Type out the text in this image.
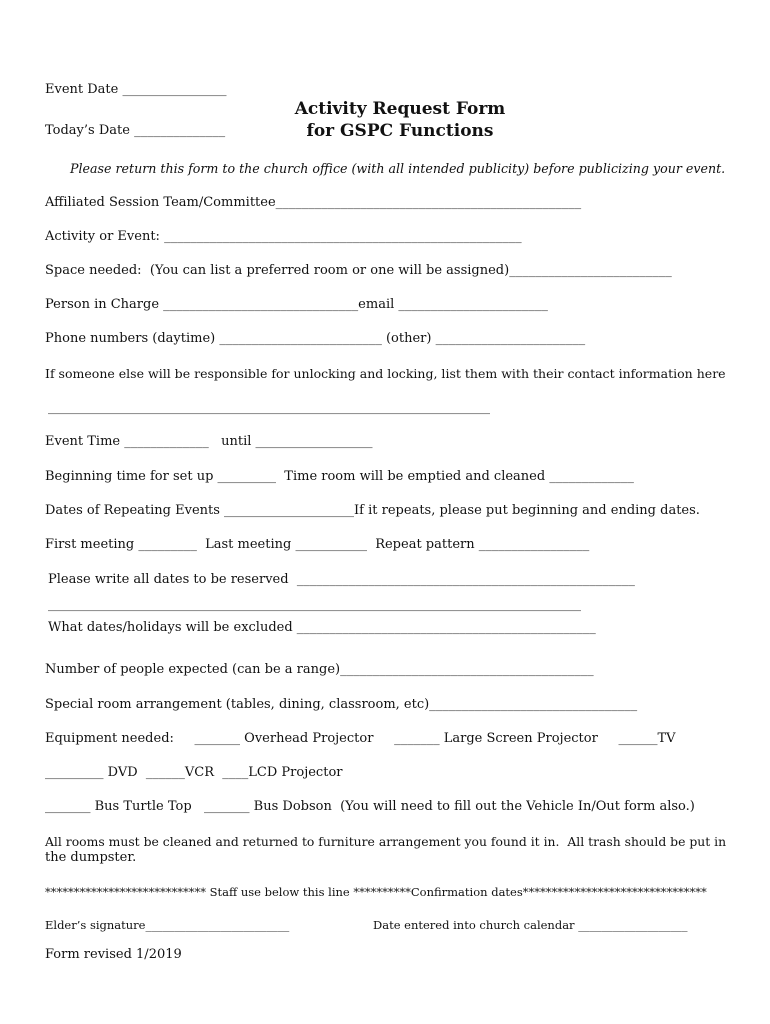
Event Date ________________
Today’s Date ______________
Activity Request Form
for GSPC Functions
Please return this form to the church office (with all intended publicity) before publicizing your event.
Affiliated Session Team/Committee_______________________________________________
Activity or Event: _______________________________________________________
Space needed:  (You can list a preferred room or one will be assigned)_________________________
Person in Charge ______________________________email _______________________
Phone numbers (daytime) _________________________ (other) _______________________
If someone else will be responsible for unlocking and locking, list them with their contact information here
____________________________________________________________________
Event Time _____________   until __________________
Beginning time for set up _________  Time room will be emptied and cleaned _____________
Dates of Repeating Events ____________________If it repeats, please put beginning and ending dates.
First meeting _________  Last meeting ___________  Repeat pattern _________________
Please write all dates to be reserved  ____________________________________________________
__________________________________________________________________________________
What dates/holidays will be excluded ______________________________________________
Number of people expected (can be a range)_______________________________________
Special room arrangement (tables, dining, classroom, etc)________________________________
Equipment needed:     _______ Overhead Projector     _______ Large Screen Projector     ______TV
_________ DVD  ______VCR  ____LCD Projector
_______ Bus Turtle Top   _______ Bus Dobson  (You will need to fill out the Vehicle In/Out form also.)
All rooms must be cleaned and returned to furniture arrangement you found it in.  All trash should be put in
the dumpster.
**************************** Staff use below this line **********Confirmation dates********************************
Elder’s signature_________________________	Date entered into church calendar ___________________
Form revised 1/2019
